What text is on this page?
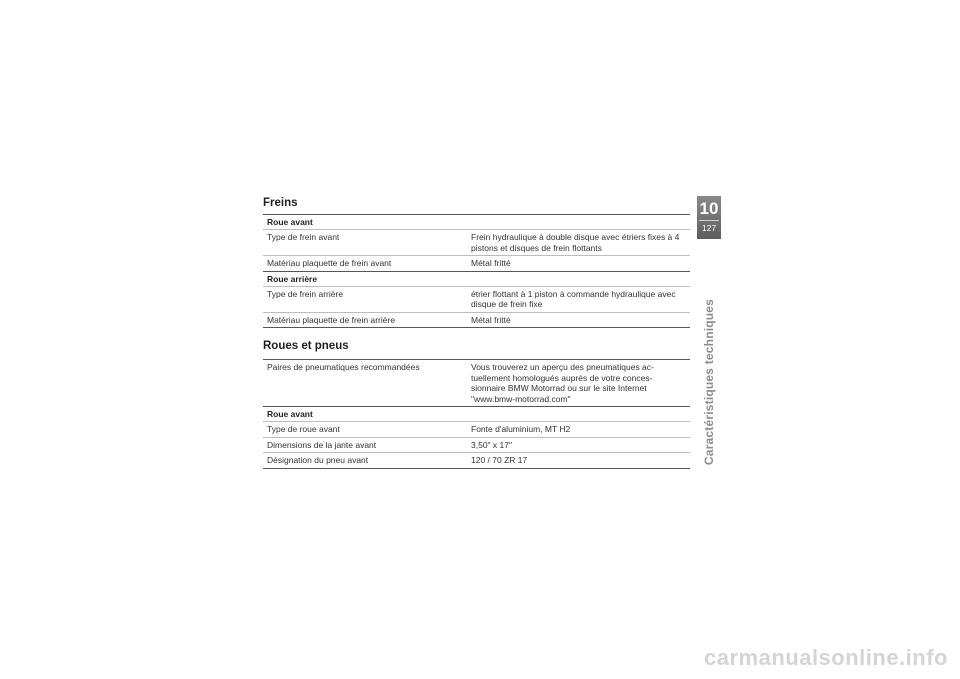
Freins
Roue avant
Type de frein avant	Frein hydraulique à double disque avec étriers fixes à 4 pistons et disques de frein flottants
Matériau plaquette de frein avant	Métal fritté
Roue arrière
Type de frein arrière	étrier flottant à 1 piston à commande hydraulique avec disque de frein fixe
Matériau plaquette de frein arrière	Métal fritté
Roues et pneus
Paires de pneumatiques recommandées	Vous trouverez un aperçu des pneumatiques ac-tuellement homologués auprès de votre conces-sionnaire BMW Motorrad ou sur le site Internet "www.bmw-motorrad.com"
Roue avant
Type de roue avant	Fonte d'aluminium, MT H2
Dimensions de la jante avant	3,50" x 17"
Désignation du pneu avant	120 / 70 ZR 17
10
127
Caractéristiques techniques
carmanualsonline.info
